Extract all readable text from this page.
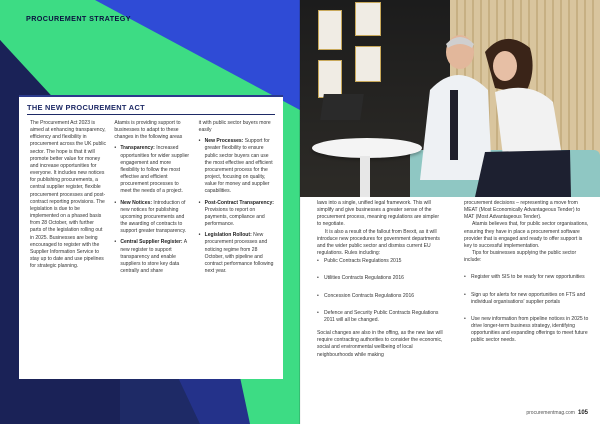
PROCUREMENT STRATEGY
THE NEW PROCUREMENT ACT

The Procurement Act 2023 is aimed at enhancing transparency, efficiency and flexibility in procurement across the UK public sector. The hope is that it will promote better value for money and increase opportunities for everyone. It includes new notices for publishing procurements, a central supplier register, flexible procurement processes and post-contract reporting provisions. The legislation is due to be implemented on a phased basis from 28 October, with further parts of the legislation rolling out in 2025. Businesses are being encouraged to register with the Supplier Information Service to stay up to date and use pipelines for strategic planning.

Atamis is providing support to businesses to adapt to these changes in the following areas

• Transparency: Increased opportunities for wider supplier engagement and more flexibility to follow the most effective and efficient procurement processes to meet the needs of a project.
• New Notices: Introduction of new notices for publishing upcoming procurements and the awarding of contracts to support greater transparency.
• Central Supplier Register: A new register to support transparency and enable suppliers to store key data centrally and share

it with public sector buyers more easily

• New Processes: Support for greater flexibility to ensure public sector buyers can use the most effective and efficient procurement process for the project, focusing on quality, value for money and supplier capabilities.
• Post-Contract Transparency: Provisions to report on payments, compliance and performance.
• Legislation Rollout: New procurement processes and noticing regime from 28 October, with pipeline and contract performance following next year.

laws into a single, unified legal framework. This will simplify and give businesses a greater sense of the procurement process, meaning regulations are simpler to negotiate.

It is also a result of the fallout from Brexit, as it will introduce new procedures for government departments and the wider public sector and dismiss current EU regulations. Rules including:

•	Public Contracts Regulations 2015
•	Utilities Contracts Regulations 2016
•	Concession Contracts Regulations 2016
•	Defence and Security Public Contracts Regulations 2011 will all be changed.

Social changes are also in the offing, as the new law will require contracting authorities to consider the economic, social and environmental wellbeing of local neighbourhoods while making

procurement decisions – representing a move from MEAT (Most Economically Advantageous Tender) to MAT (Most Advantageous Tender).

Atamis believes that, for public sector organisations, ensuring they have in place a procurement software provider that is engaged and ready to offer support is key to successful implementation.

Tips for businesses supplying the public sector include:

•	Register with SIS to be ready for new opportunities
•	Sign up for alerts for new opportunities on FTS and individual organisations' supplier portals
•	Use new information from pipeline notices in 2025 to drive longer-term business strategy, identifying opportunities and expanding offerings to meet future public sector needs.
procurementmag.com 105
